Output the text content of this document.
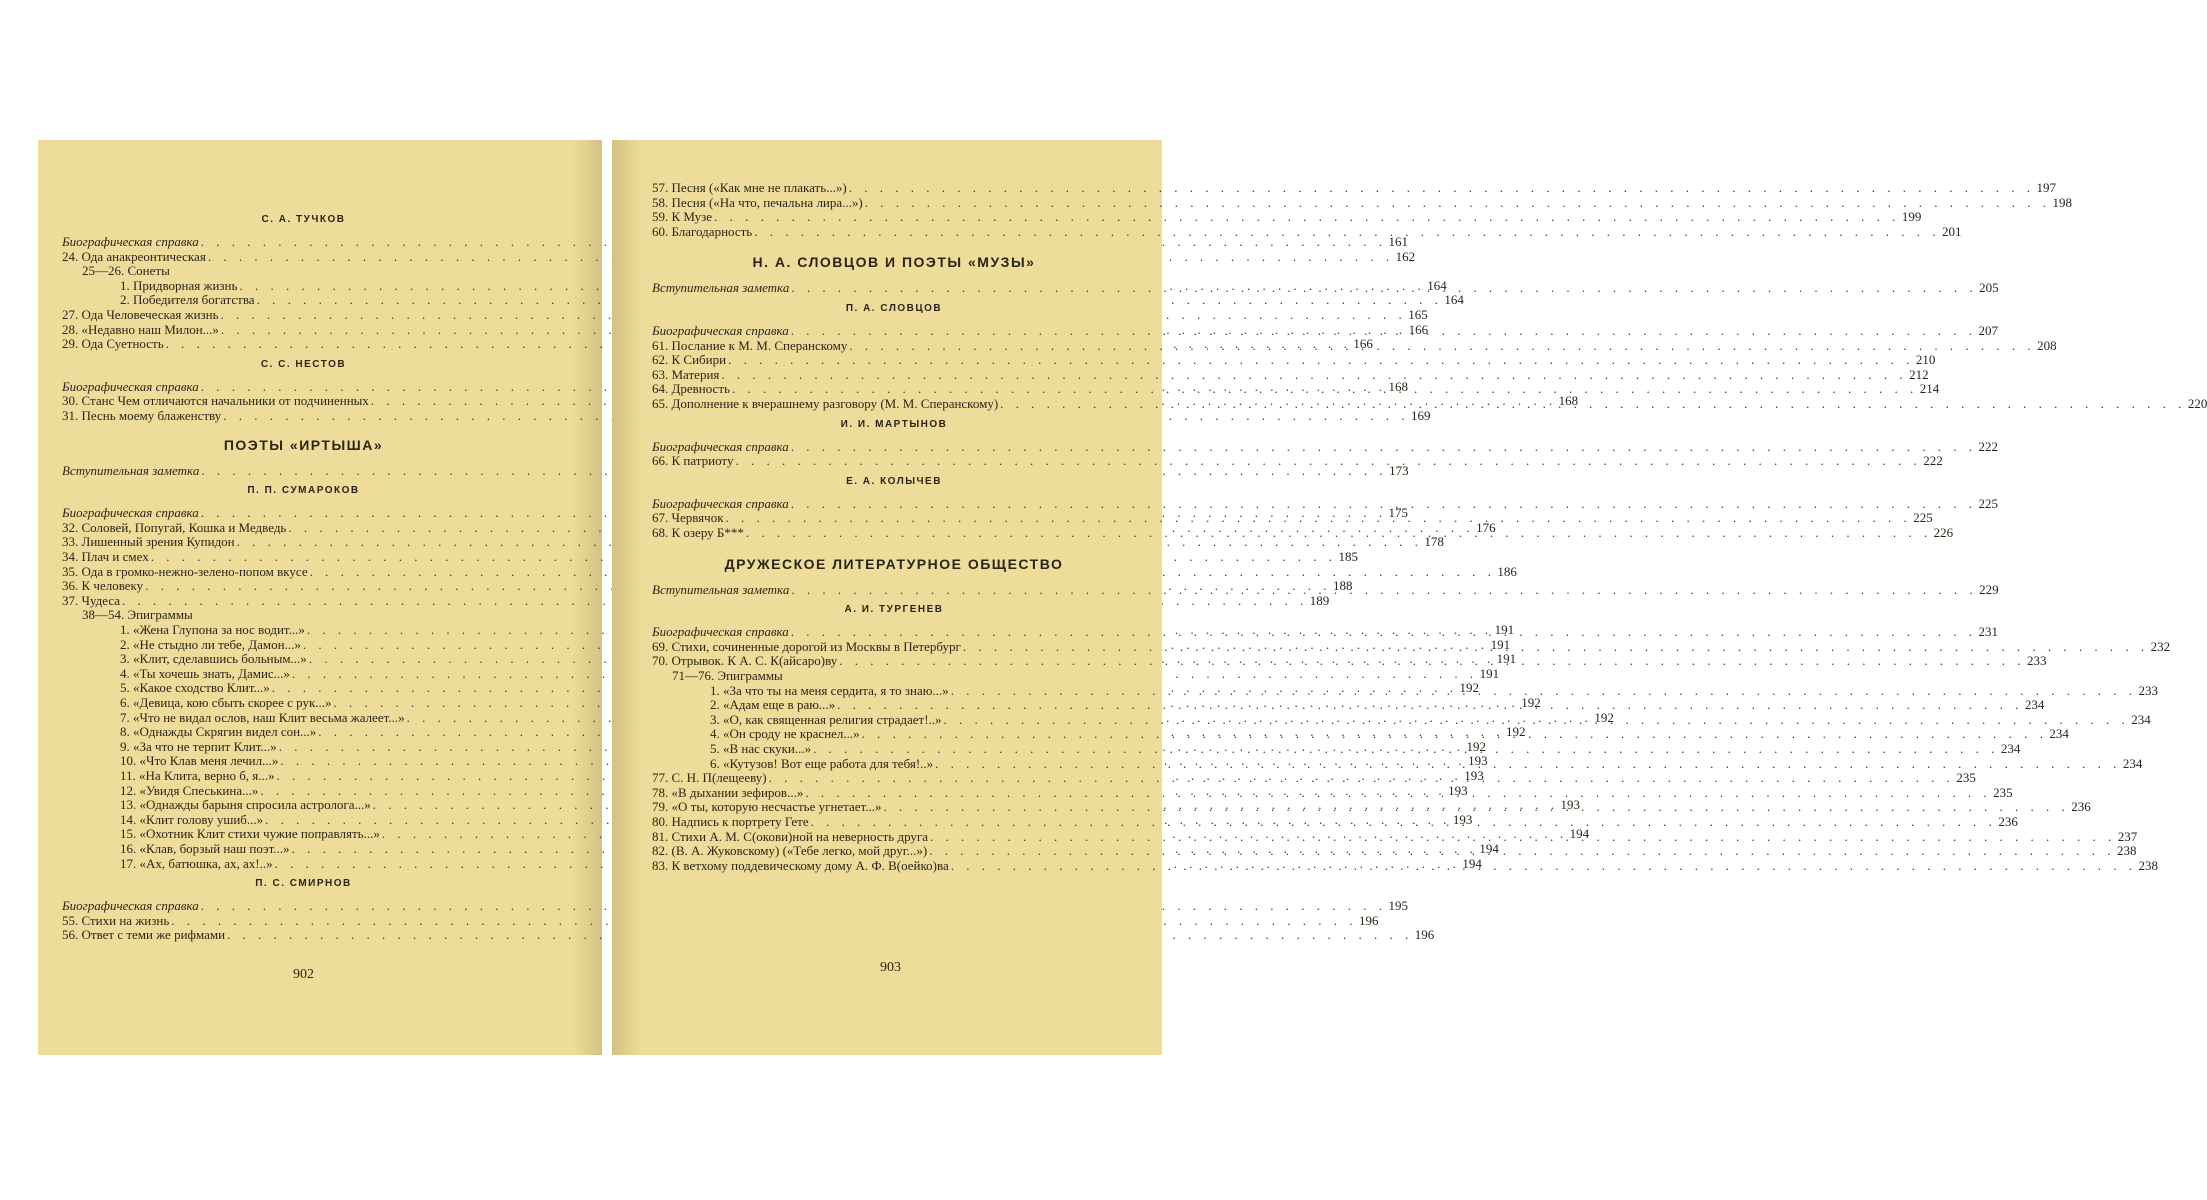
С. А. ТУЧКОВ
Биографическая справка . . .	161
24. Ода анакреонтическая . . .	162
25—26. Сонеты
1. Придворная жизнь . . .	164
2. Победителя богатства . . .	164
27. Ода Человеческая жизнь . . .	165
28. «Недавно наш Милон...» . . .	166
29. Ода Суетность . . .	166
С. С. НЕСТОВ
Биографическая справка . . .	168
30. Станс Чем отличаются начальники от подчиненных . . .	168
31. Песнь моему блаженству . . .	169
ПОЭТЫ «ИРТЫША»
Вступительная заметка . . .	173
П. П. СУМАРОКОВ
Биографическая справка . . .	175
32. Соловей, Попугай, Кошка и Медведь . . .	176
33. Лишенный зрения Купидон . . .	178
34. Плач и смех . . .	185
35. Ода в громко-нежно-зелено-попом вкусе . . .	186
36. К человеку . . .	188
37. Чудеса . . .	189
38—54. Эпиграммы
1. «Жена Глупона за нос водит...» . . .	191
2. «Не стыдно ли тебе, Дамон...» . . .	191
3. «Клит, сделавшись больным...» . . .	191
4. «Ты хочешь знать, Дамис...» . . .	191
5. «Какое сходство Клит...» . . .	192
6. «Девица, кою сбыть скорее с рук...» . . .	192
7. «Что не видал ослов, наш Клит весьма жалеет...» . . .	192
8. «Однажды Скрягин видел сон...» . . .	192
9. «За что не терпит Клит...» . . .	192
10. «Что Клав меня лечил...» . . .	193
11. «На Клита, верно б, я...» . . .	193
12. «Увидя Спеськина...» . . .	193
13. «Однажды барыня спросила астролога...» . . .	193
14. «Клит голову ушиб...» . . .	193
15. «Охотник Клит стихи чужие поправлять...» . . .	194
16. «Клав, борзый наш поэт...» . . .	194
17. «Ах, батюшка, ах, ах!..» . . .	194
П. С. СМИРНОВ
Биографическая справка . . .	195
55. Стихи на жизнь . . .	196
56. Ответ с теми же рифмами . . .	196
902
57. Песня («Как мне не плакать...») . . .	197
58. Песня («На что, печальна лира...») . . .	198
59. К Музе . . .	199
60. Благодарность . . .	201
Н. А. СЛОВЦОВ И ПОЭТЫ «МУЗЫ»
Вступительная заметка . . .	205
П. А. СЛОВЦОВ
Биографическая справка . . .	207
61. Послание к М. М. Сперанскому . . .	208
62. К Сибири . . .	210
63. Материя . . .	212
64. Древность . . .	214
65. Дополнение к вчерашнему разговору (М. М. Сперанскому) . . .	220
И. И. МАРТЫНОВ
Биографическая справка . . .	222
66. К патриоту . . .	222
Е. А. КОЛЫЧЕВ
Биографическая справка . . .	225
67. Червячок . . .	225
68. К озеру Б*** . . .	226
ДРУЖЕСКОЕ ЛИТЕРАТУРНОЕ ОБЩЕСТВО
Вступительная заметка . . .	229
А. И. ТУРГЕНЕВ
Биографическая справка . . .	231
69. Стихи, сочиненные дорогой из Москвы в Петербург . . .	232
70. Отрывок. К А. С. К(айсаро)ву . . .	233
71—76. Эпиграммы
1. «За что ты на меня сердита, я то знаю...» . . .	233
2. «Адам еще в раю...» . . .	234
3. «О, как священная религия страдает!..» . . .	234
4. «Он сроду не краснел...» . . .	234
5. «В нас скуки...» . . .	234
6. «Кутузов! Вот еще работа для тебя!..» . . .	234
77. С. Н. П(лещееву) . . .	235
78. «В дыхании зефиров...» . . .	235
79. «О ты, которую несчастье угнетает...» . . .	236
80. Надпись к портрету Гете . . .	236
81. Стихи А. М. С(окови)ной на неверность друга . . .	237
82. (В. А. Жуковскому) («Тебе легко, мой друг...») . . .	238
83. К ветхому поддевическому дому А. Ф. В(оейко)ва . . .	238
903
